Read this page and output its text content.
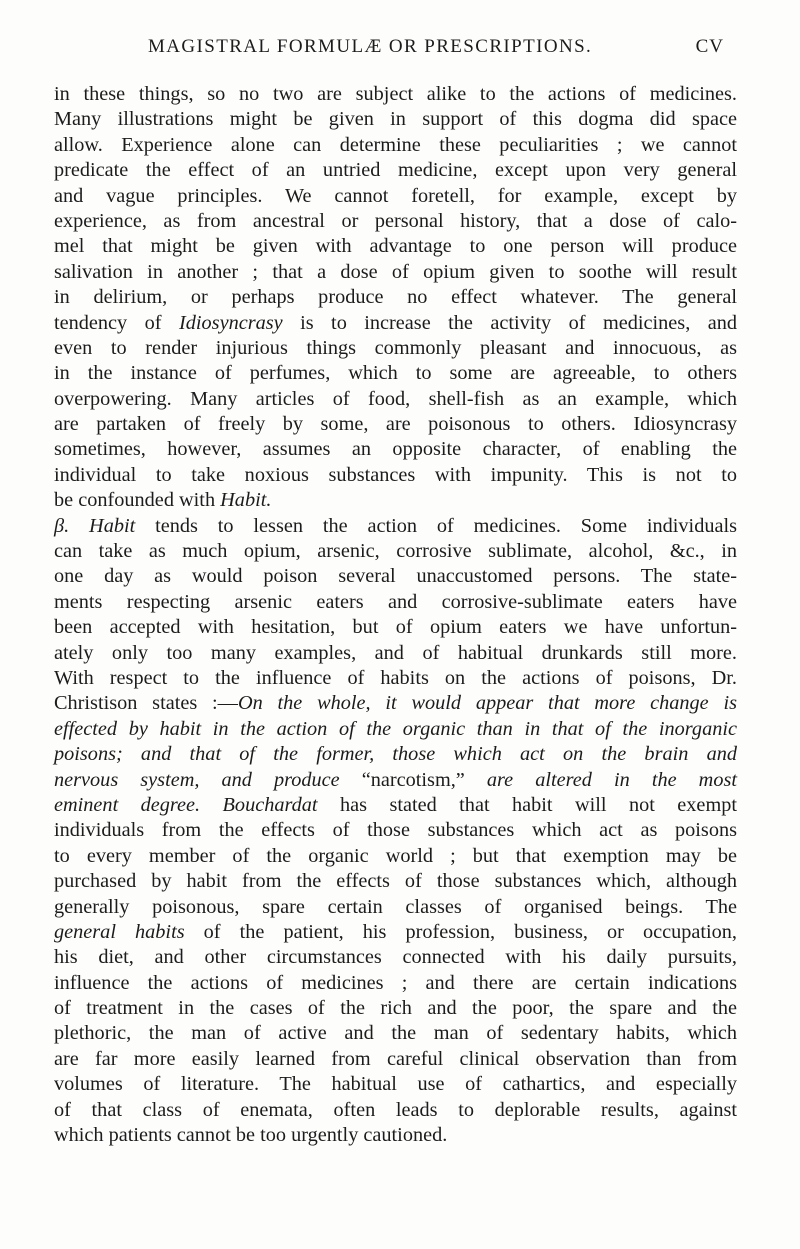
MAGISTRAL FORMULÆ OR PRESCRIPTIONS.	CV
in these things, so no two are subject alike to the actions of medicines.
Many illustrations might be given in support of this dogma did space
allow. Experience alone can determine these peculiarities ; we cannot
predicate the effect of an untried medicine, except upon very general
and vague principles. We cannot foretell, for example, except by
experience, as from ancestral or personal history, that a dose of calo-
mel that might be given with advantage to one person will produce
salivation in another ; that a dose of opium given to soothe will result
in delirium, or perhaps produce no effect whatever. The general
tendency of Idiosyncrasy is to increase the activity of medicines, and
even to render injurious things commonly pleasant and innocuous, as
in the instance of perfumes, which to some are agreeable, to others
overpowering. Many articles of food, shell-fish as an example, which
are partaken of freely by some, are poisonous to others. Idiosyncrasy
sometimes, however, assumes an opposite character, of enabling the
individual to take noxious substances with impunity. This is not to
be confounded with Habit.
β. Habit tends to lessen the action of medicines. Some individuals
can take as much opium, arsenic, corrosive sublimate, alcohol, &c., in
one day as would poison several unaccustomed persons. The state-
ments respecting arsenic eaters and corrosive-sublimate eaters have
been accepted with hesitation, but of opium eaters we have unfortun-
ately only too many examples, and of habitual drunkards still more.
With respect to the influence of habits on the actions of poisons, Dr.
Christison states :—On the whole, it would appear that more change is
effected by habit in the action of the organic than in that of the inorganic
poisons; and that of the former, those which act on the brain and
nervous system, and produce “narcotism,” are altered in the most
eminent degree. Bouchardat has stated that habit will not exempt
individuals from the effects of those substances which act as poisons
to every member of the organic world ; but that exemption may be
purchased by habit from the effects of those substances which, although
generally poisonous, spare certain classes of organised beings. The
general habits of the patient, his profession, business, or occupation,
his diet, and other circumstances connected with his daily pursuits,
influence the actions of medicines ; and there are certain indications
of treatment in the cases of the rich and the poor, the spare and the
plethoric, the man of active and the man of sedentary habits, which
are far more easily learned from careful clinical observation than from
volumes of literature. The habitual use of cathartics, and especially
of that class of enemata, often leads to deplorable results, against
which patients cannot be too urgently cautioned.
